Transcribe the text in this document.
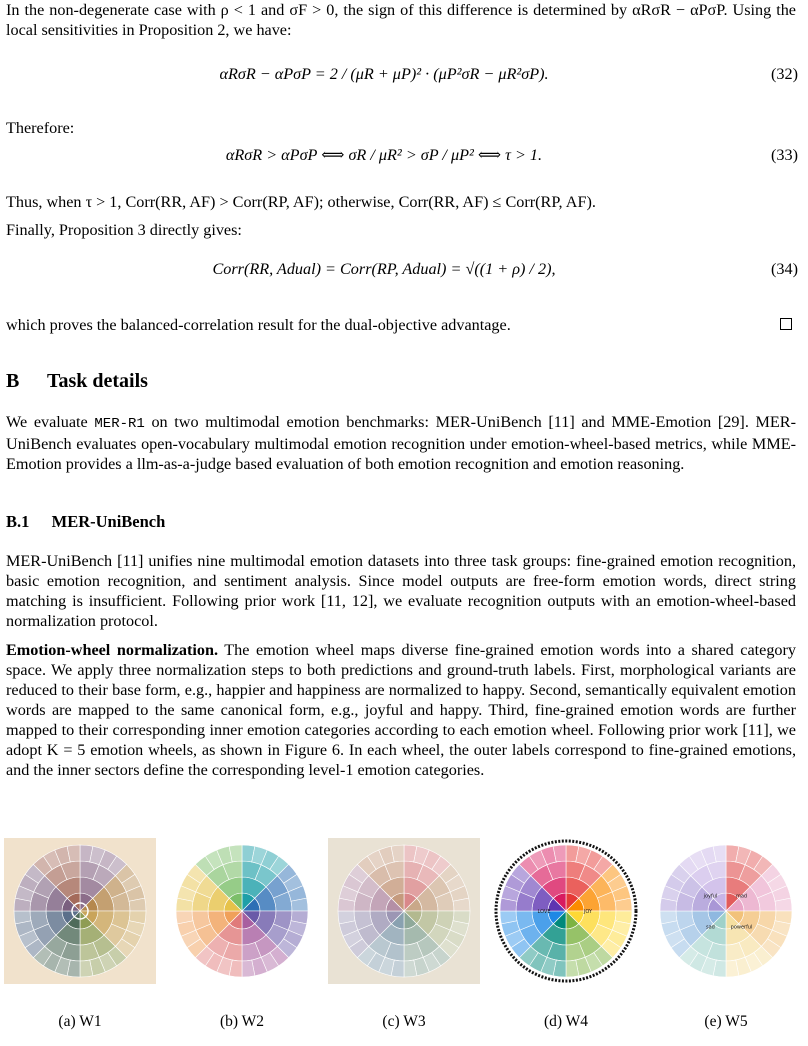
In the non-degenerate case with ρ < 1 and σF > 0, the sign of this difference is determined by αRσR − αPσP. Using the local sensitivities in Proposition 2, we have:

αRσR − αPσP = 2 / (μR + μP)² · (μP²σR − μR²σP).	(32)

Therefore:

αRσR > αPσP ⟺ σR / μR² > σP / μP² ⟺ τ > 1.	(33)

Thus, when τ > 1, Corr(RR, AF) > Corr(RP, AF); otherwise, Corr(RR, AF) ≤ Corr(RP, AF).

Finally, Proposition 3 directly gives:

Corr(RR, Adual) = Corr(RP, Adual) = √((1 + ρ) / 2),	(34)

which proves the balanced-correlation result for the dual-objective advantage.

B Task details

We evaluate MER-R1 on two multimodal emotion benchmarks: MER-UniBench [11] and MME-Emotion [29]. MER-UniBench evaluates open-vocabulary multimodal emotion recognition under emotion-wheel-based metrics, while MME-Emotion provides a llm-as-a-judge based evaluation of both emotion recognition and emotion reasoning.

B.1 MER-UniBench

MER-UniBench [11] unifies nine multimodal emotion datasets into three task groups: fine-grained emotion recognition, basic emotion recognition, and sentiment analysis. Since model outputs are free-form emotion words, direct string matching is insufficient. Following prior work [11, 12], we evaluate recognition outputs with an emotion-wheel-based normalization protocol.

Emotion-wheel normalization. The emotion wheel maps diverse fine-grained emotion words into a shared category space. We apply three normalization steps to both predictions and ground-truth labels. First, morphological variants are reduced to their base form, e.g., happier and happiness are normalized to happy. Second, semantically equivalent emotion words are mapped to the same canonical form, e.g., joyful and happy. Third, fine-grained emotion words are further mapped to their corresponding inner emotion categories according to each emotion wheel. Following prior work [11], we adopt K = 5 emotion wheels, as shown in Figure 6. In each wheel, the outer labels correspond to fine-grained emotions, and the inner sectors define the corresponding level-1 emotion categories.

JOY
LOVE
mad
powerful
sad
joyful
(a) W1	(b) W2	(c) W3	(d) W4	(e) W5
